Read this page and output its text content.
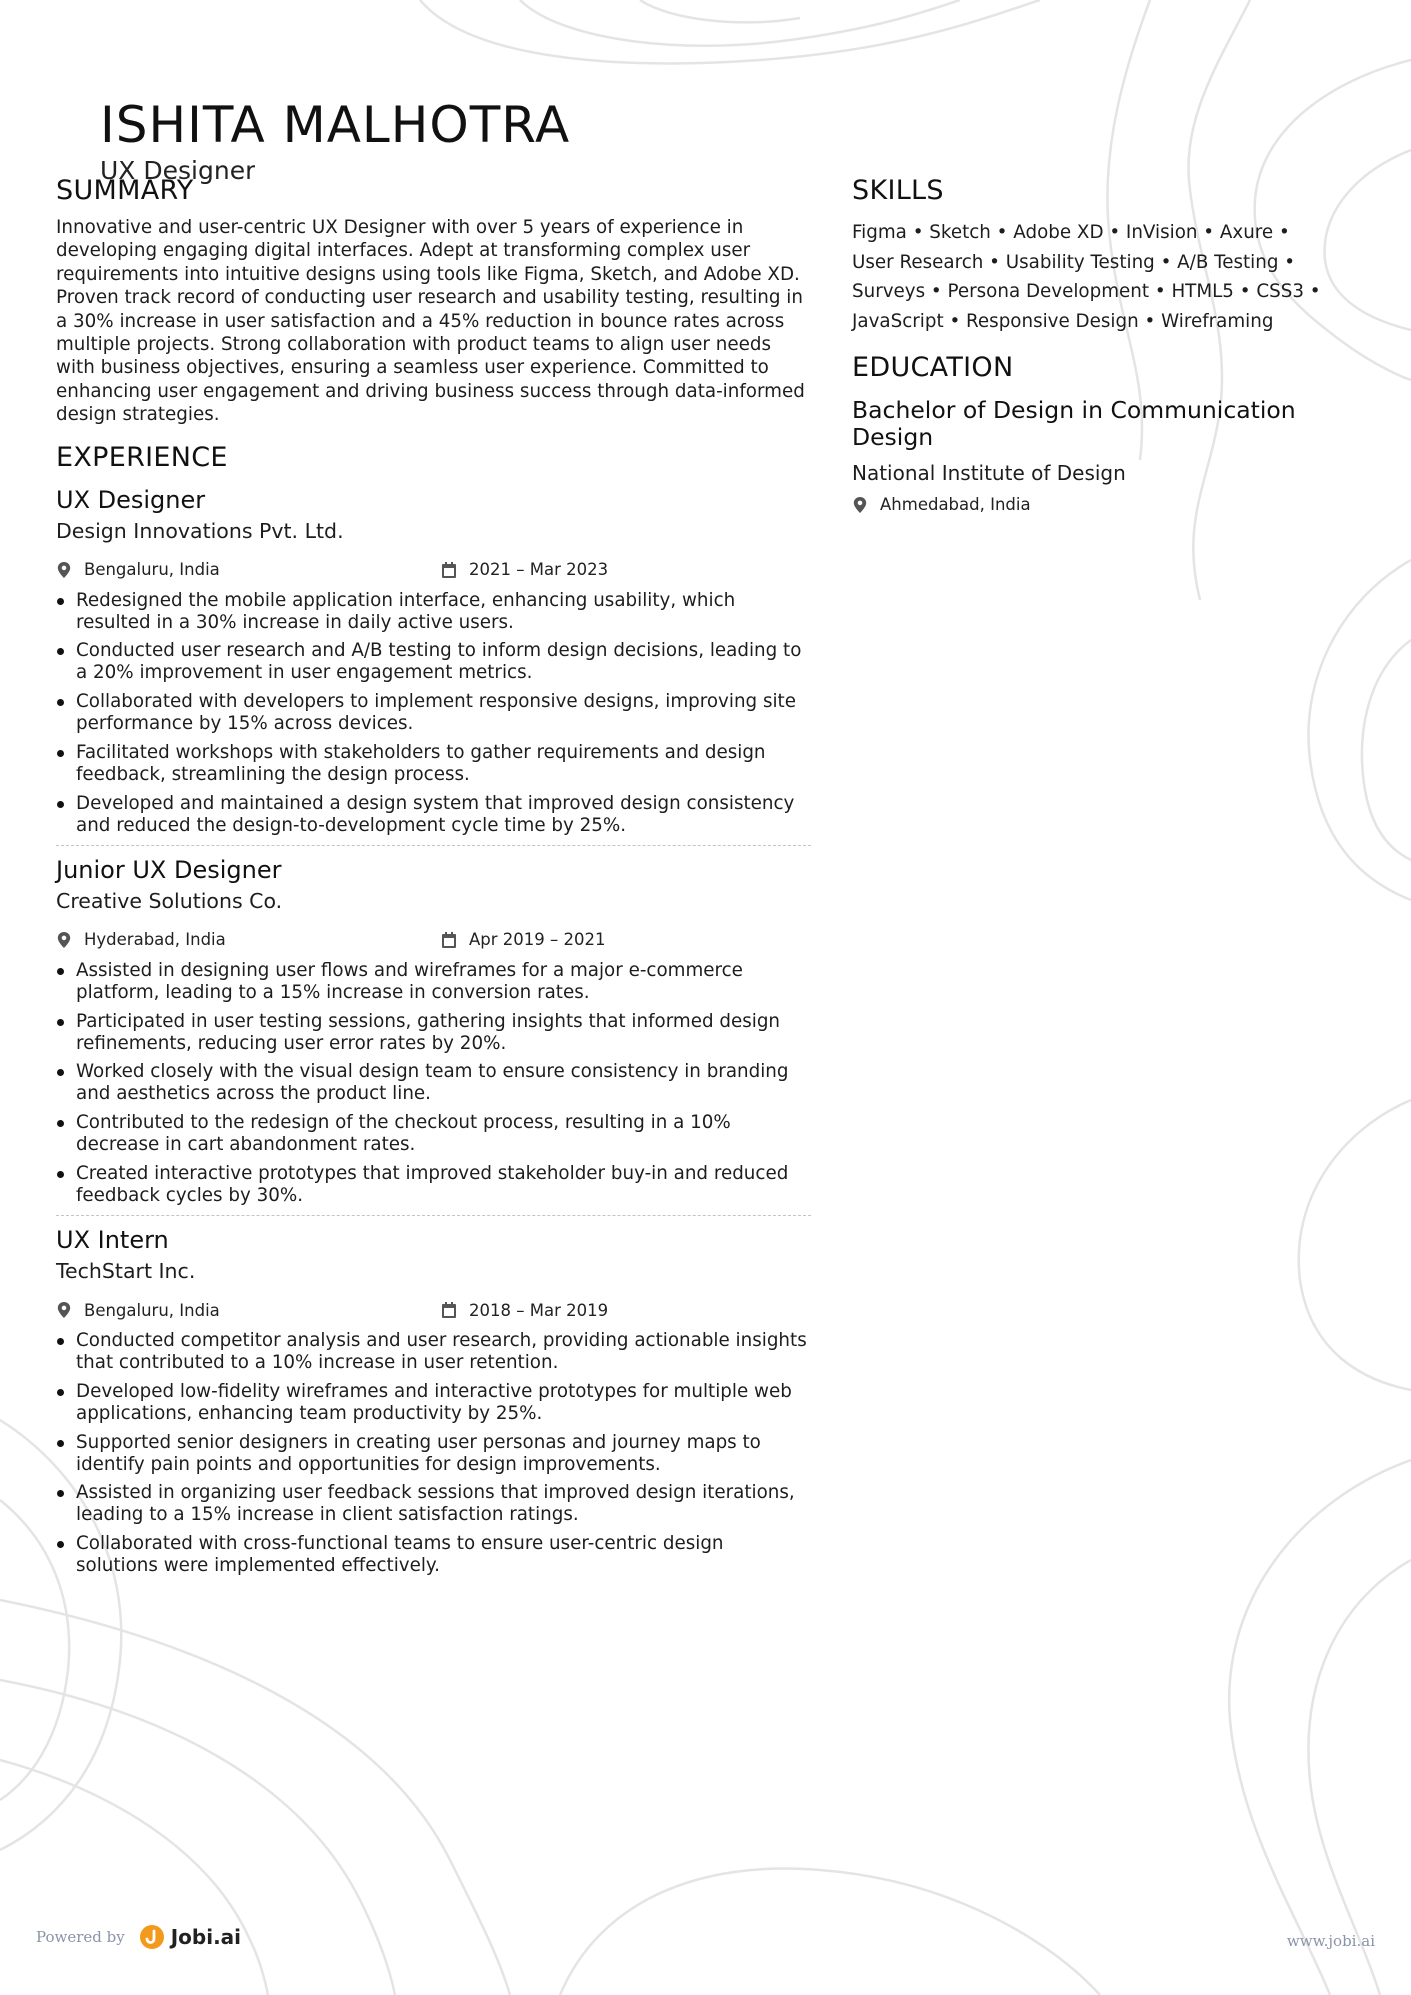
ISHITA MALHOTRA
UX Designer
SUMMARY
Innovative and user-centric UX Designer with over 5 years of experience in developing engaging digital interfaces. Adept at transforming complex user requirements into intuitive designs using tools like Figma, Sketch, and Adobe XD. Proven track record of conducting user research and usability testing, resulting in a 30% increase in user satisfaction and a 45% reduction in bounce rates across multiple projects. Strong collaboration with product teams to align user needs with business objectives, ensuring a seamless user experience. Committed to enhancing user engagement and driving business success through data-informed design strategies.
EXPERIENCE
UX Designer
Design Innovations Pvt. Ltd.
Bengaluru, India	2021 – Mar 2023
Redesigned the mobile application interface, enhancing usability, which resulted in a 30% increase in daily active users.
Conducted user research and A/B testing to inform design decisions, leading to a 20% improvement in user engagement metrics.
Collaborated with developers to implement responsive designs, improving site performance by 15% across devices.
Facilitated workshops with stakeholders to gather requirements and design feedback, streamlining the design process.
Developed and maintained a design system that improved design consistency and reduced the design-to-development cycle time by 25%.
Junior UX Designer
Creative Solutions Co.
Hyderabad, India	Apr 2019 – 2021
Assisted in designing user flows and wireframes for a major e-commerce platform, leading to a 15% increase in conversion rates.
Participated in user testing sessions, gathering insights that informed design refinements, reducing user error rates by 20%.
Worked closely with the visual design team to ensure consistency in branding and aesthetics across the product line.
Contributed to the redesign of the checkout process, resulting in a 10% decrease in cart abandonment rates.
Created interactive prototypes that improved stakeholder buy-in and reduced feedback cycles by 30%.
UX Intern
TechStart Inc.
Bengaluru, India	2018 – Mar 2019
Conducted competitor analysis and user research, providing actionable insights that contributed to a 10% increase in user retention.
Developed low-fidelity wireframes and interactive prototypes for multiple web applications, enhancing team productivity by 25%.
Supported senior designers in creating user personas and journey maps to identify pain points and opportunities for design improvements.
Assisted in organizing user feedback sessions that improved design iterations, leading to a 15% increase in client satisfaction ratings.
Collaborated with cross-functional teams to ensure user-centric design solutions were implemented effectively.
SKILLS
Figma • Sketch • Adobe XD • InVision • Axure • User Research • Usability Testing • A/B Testing • Surveys • Persona Development • HTML5 • CSS3 • JavaScript • Responsive Design • Wireframing
EDUCATION
Bachelor of Design in Communication Design
National Institute of Design
Ahmedabad, India
Powered by Jobi.ai	www.jobi.ai
